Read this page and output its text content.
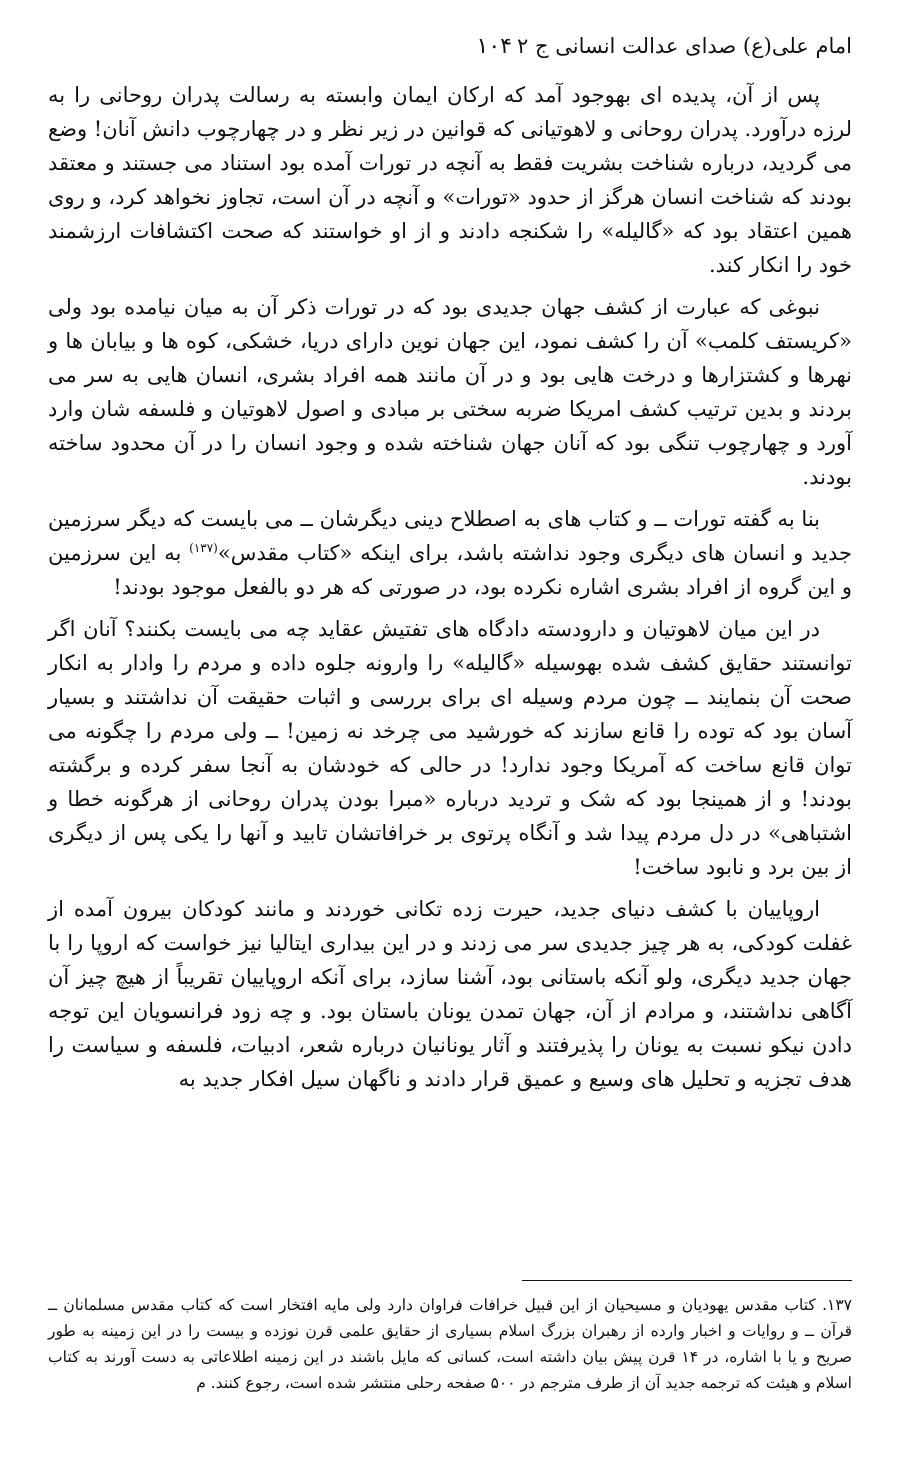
امام علی(ع) صدای عدالت انسانی ج ۲
۱۰۴

پس از آن، پدیده ای بهوجود آمد که ارکان ایمان وابسته به رسالت پدران روحانی را به لرزه درآورد. پدران روحانی و لاهوتیانی که قوانین در زیر نظر و در چهارچوب دانش آنان! وضع می گردید، درباره شناخت بشریت فقط به آنچه در تورات آمده بود استناد می جستند و معتقد بودند که شناخت انسان هرگز از حدود «تورات» و آنچه در آن است، تجاوز نخواهد کرد، و روی همین اعتقاد بود که «گالیله» را شکنجه دادند و از او خواستند که صحت اکتشافات ارزشمند خود را انکار کند.

نبوغی که عبارت از کشف جهان جدیدی بود که در تورات ذکر آن به میان نیامده بود ولی «کریستف کلمب» آن را کشف نمود، این جهان نوین دارای دریا، خشکی، کوه ها و بیابان ها و نهرها و کشتزارها و درخت هایی بود و در آن مانند همه افراد بشری، انسان هایی به سر می بردند و بدین ترتیب کشف امریکا ضربه سختی بر مبادی و اصول لاهوتیان و فلسفه شان وارد آورد و چهارچوب تنگی بود که آنان جهان شناخته شده و وجود انسان را در آن محدود ساخته بودند.

بنا به گفته تورات ــ و کتاب های به اصطلاح دینی دیگرشان ــ می بایست که دیگر سرزمین جدید و انسان های دیگری وجود نداشته باشد، برای اینکه «کتاب مقدس»$^{(۱۳۷)}$ به این سرزمین و این گروه از افراد بشری اشاره نکرده بود، در صورتی که هر دو بالفعل موجود بودند!

در این میان لاهوتیان و دارودسته دادگاه های تفتیش عقاید چه می بایست بکنند؟ آنان اگر توانستند حقایق کشف شده بهوسیله «گالیله» را وارونه جلوه داده و مردم را وادار به انکار صحت آن بنمایند ــ چون مردم وسیله ای برای بررسی و اثبات حقیقت آن نداشتند و بسیار آسان بود که توده را قانع سازند که خورشید می چرخد نه زمین! ــ ولی مردم را چگونه می توان قانع ساخت که آمریکا وجود ندارد! در حالی که خودشان به آنجا سفر کرده و برگشته بودند! و از همینجا بود که شک و تردید درباره «مبرا بودن پدران روحانی از هرگونه خطا و اشتباهی» در دل مردم پیدا شد و آنگاه پرتوی بر خرافاتشان تابید و آنها را یکی پس از دیگری از بین برد و نابود ساخت!

اروپاییان با کشف دنیای جدید، حیرت زده تکانی خوردند و مانند کودکان بیرون آمده از غفلت کودکی، به هر چیز جدیدی سر می زدند و در این بیداری ایتالیا نیز خواست که اروپا را با جهان جدید دیگری، ولو آنکه باستانی بود، آشنا سازد، برای آنکه اروپاییان تقریباً از هیچ چیز آن آگاهی نداشتند، و مرادم از آن، جهان تمدن یونان باستان بود. و چه زود فرانسویان این توجه دادن نیکو نسبت به یونان را پذیرفتند و آثار یونانیان درباره شعر، ادبیات، فلسفه و سیاست را هدف تجزیه و تحلیل های وسیع و عمیق قرار دادند و ناگهان سیل افکار جدید به

۱۳۷. کتاب مقدس یهودیان و مسیحیان از این قبیل خرافات فراوان دارد ولی مایه افتخار است که کتاب مقدس مسلمانان ــ قرآن ــ و روایات و اخبار وارده از رهبران بزرگ اسلام بسیاری از حقایق علمی قرن نوزده و بیست را در این زمینه به طور صریح و یا با اشاره، در ۱۴ قرن پیش بیان داشته است، کسانی که مایل باشند در این زمینه اطلاعاتی به دست آورند به کتاب اسلام و هیئت که ترجمه جدید آن از طرف مترجم در ۵۰۰ صفحه رحلی منتشر شده است، رجوع کنند. م
